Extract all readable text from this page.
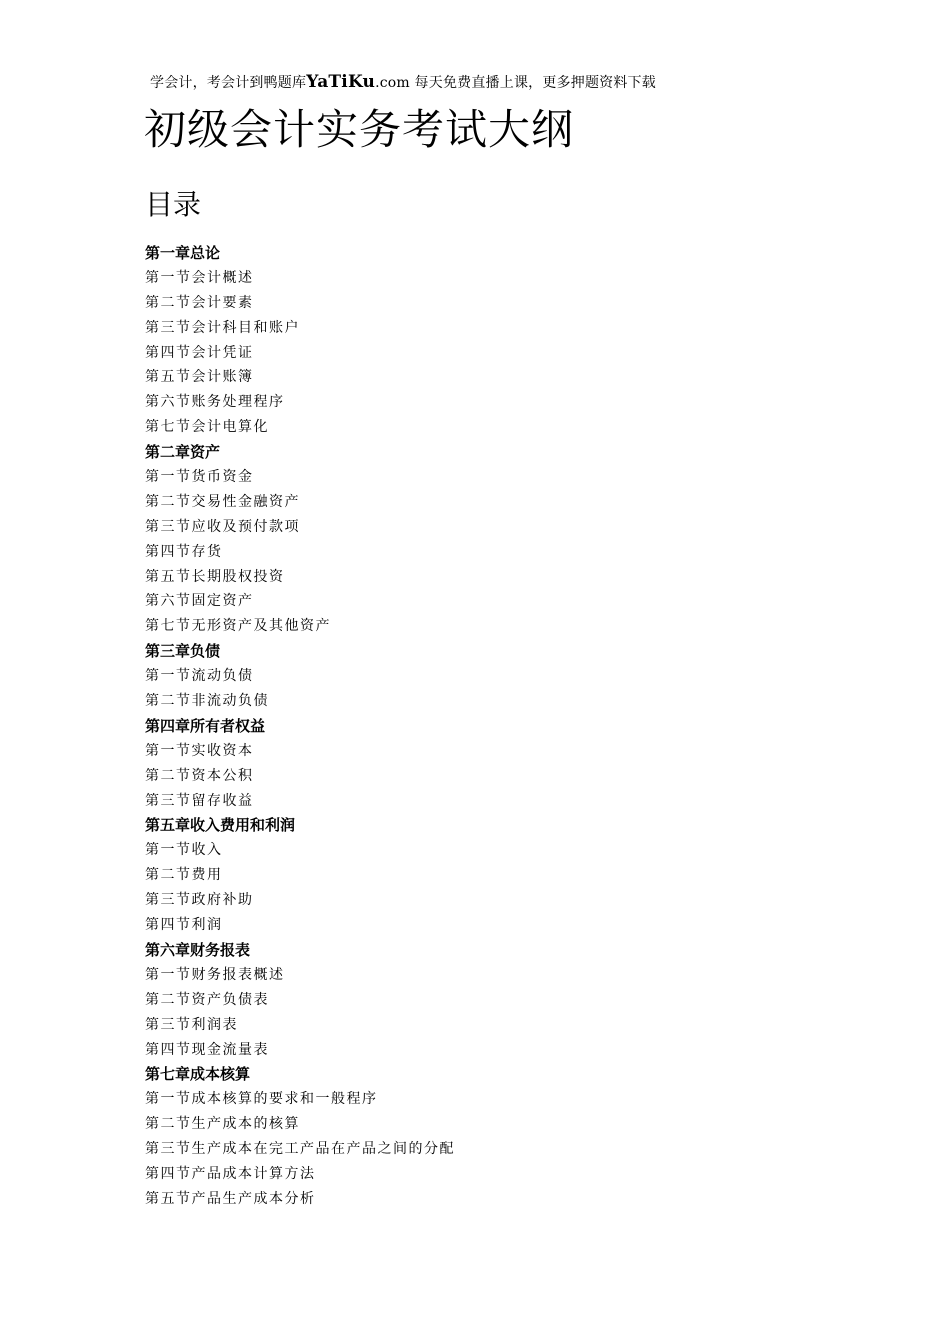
学会计，考会计到鸭题库YaTiKu.com 每天免费直播上课，更多押题资料下载
初级会计实务考试大纲
目录
第一章总论
第一节会计概述
第二节会计要素
第三节会计科目和账户
第四节会计凭证
第五节会计账簿
第六节账务处理程序
第七节会计电算化
第二章资产
第一节货币资金
第二节交易性金融资产
第三节应收及预付款项
第四节存货
第五节长期股权投资
第六节固定资产
第七节无形资产及其他资产
第三章负债
第一节流动负债
第二节非流动负债
第四章所有者权益
第一节实收资本
第二节资本公积
第三节留存收益
第五章收入费用和利润
第一节收入
第二节费用
第三节政府补助
第四节利润
第六章财务报表
第一节财务报表概述
第二节资产负债表
第三节利润表
第四节现金流量表
第七章成本核算
第一节成本核算的要求和一般程序
第二节生产成本的核算
第三节生产成本在完工产品在产品之间的分配
第四节产品成本计算方法
第五节产品生产成本分析
